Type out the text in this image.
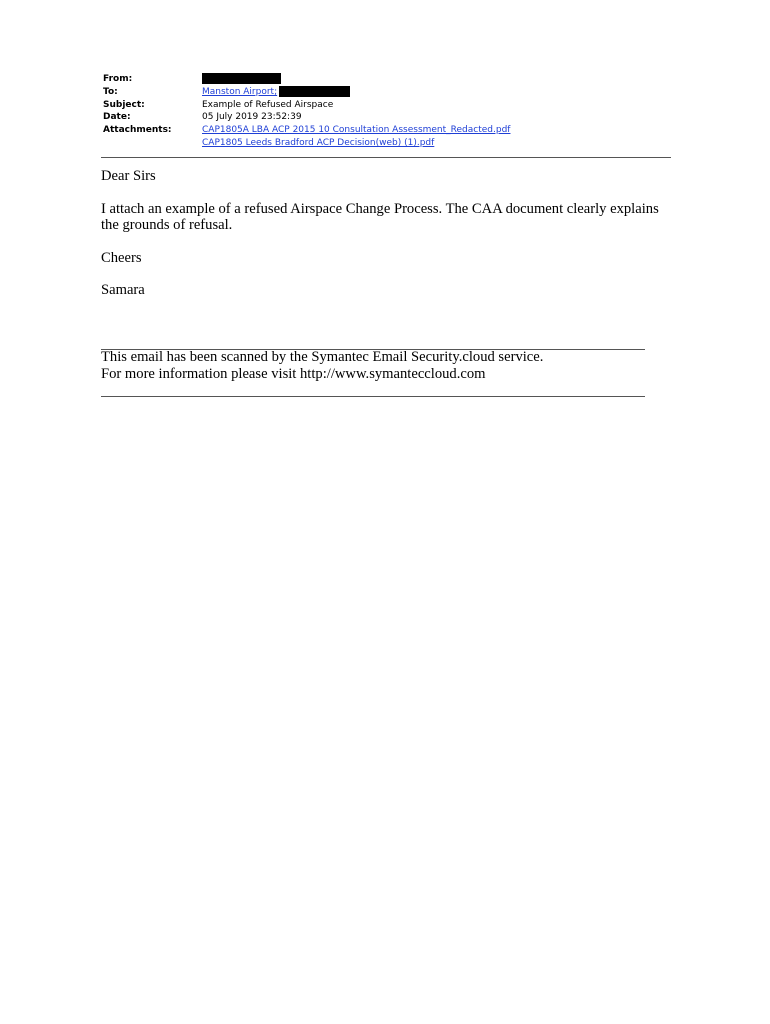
From:
To:	Manston Airport;
Subject:	Example of Refused Airspace
Date:	05 July 2019 23:52:39
Attachments:	CAP1805A LBA ACP 2015 10 Consultation Assessment_Redacted.pdf
CAP1805 Leeds Bradford ACP Decision(web) (1).pdf

Dear Sirs

I attach an example of a refused Airspace Change Process. The CAA document clearly explains the grounds of refusal.

Cheers

Samara

This email has been scanned by the Symantec Email Security.cloud service.
For more information please visit http://www.symanteccloud.com
